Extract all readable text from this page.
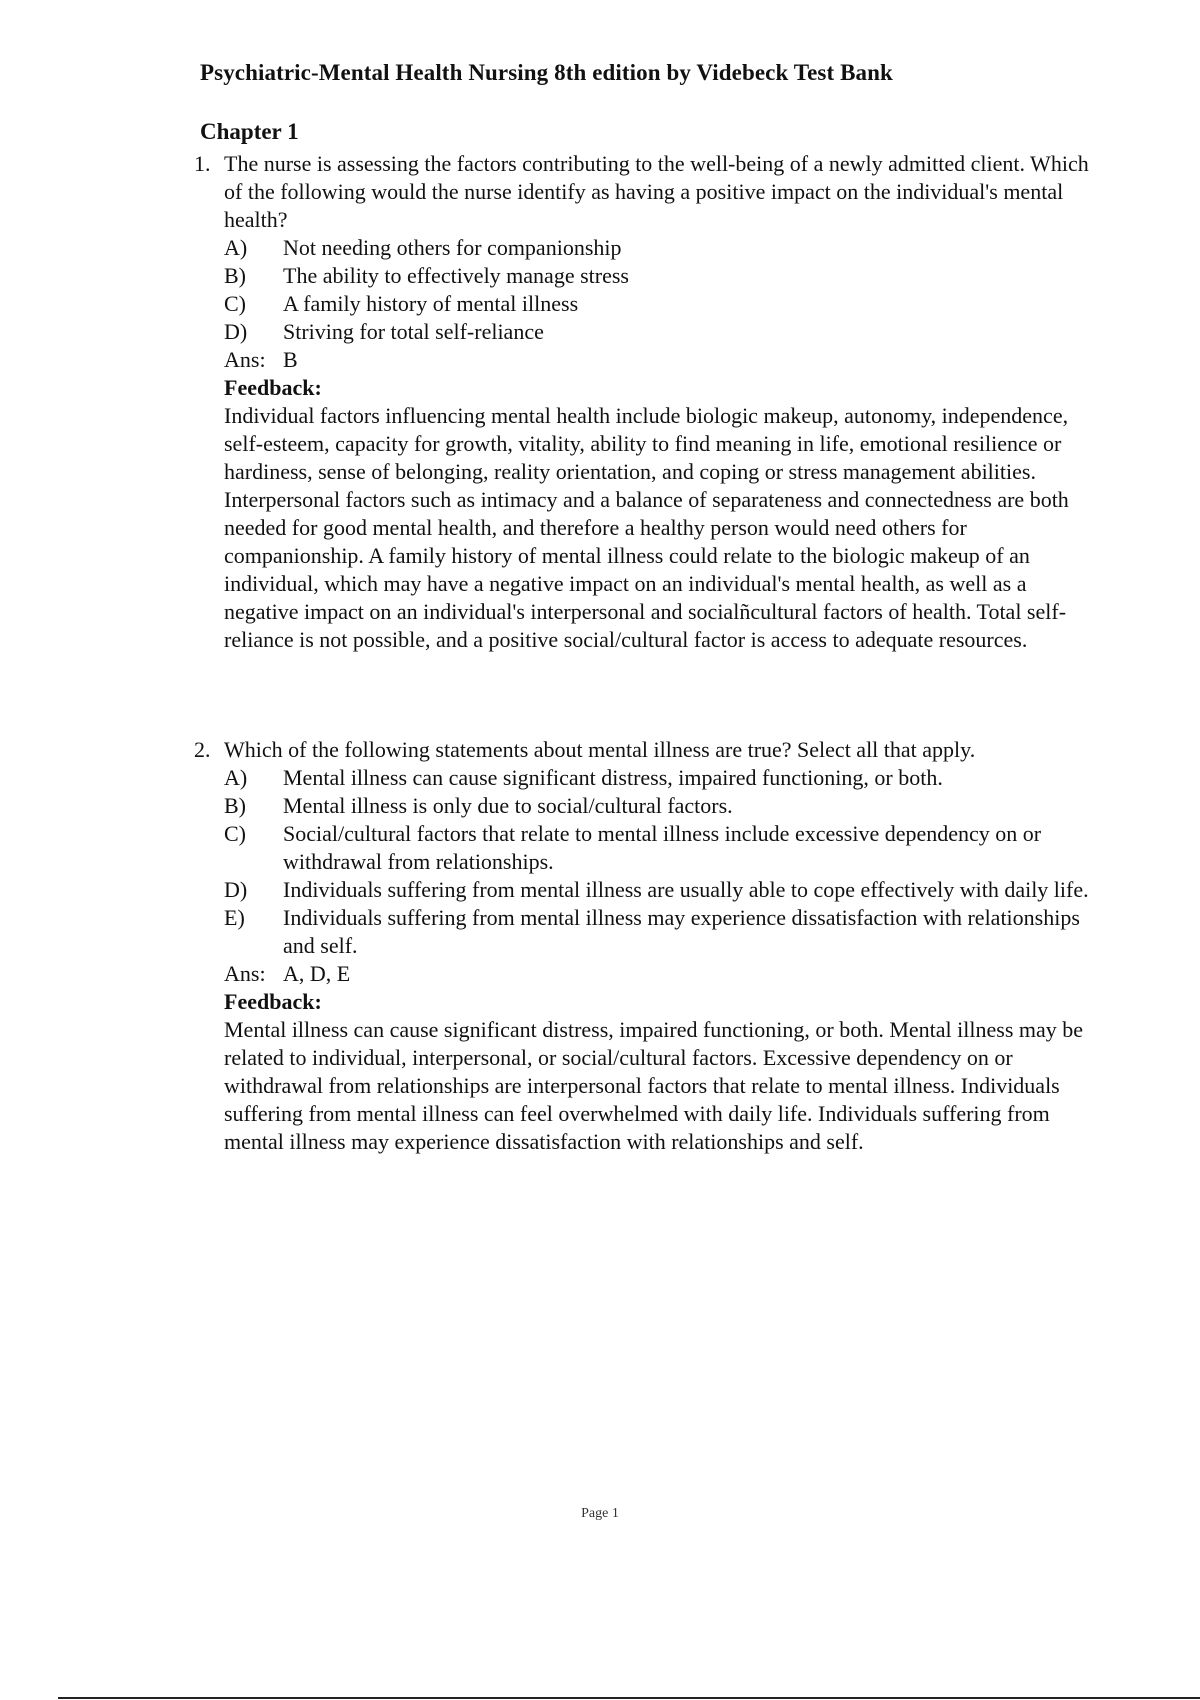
Psychiatric-Mental Health Nursing 8th edition by Videbeck Test Bank
Chapter 1
1. The nurse is assessing the factors contributing to the well-being of a newly admitted client. Which of the following would the nurse identify as having a positive impact on the individual's mental health?
A)	Not needing others for companionship
B)	The ability to effectively manage stress
C)	A family history of mental illness
D)	Striving for total self-reliance
Ans: B
Feedback:
Individual factors influencing mental health include biologic makeup, autonomy, independence, self-esteem, capacity for growth, vitality, ability to find meaning in life, emotional resilience or hardiness, sense of belonging, reality orientation, and coping or stress management abilities. Interpersonal factors such as intimacy and a balance of separateness and connectedness are both needed for good mental health, and therefore a healthy person would need others for companionship. A family history of mental illness could relate to the biologic makeup of an individual, which may have a negative impact on an individual's mental health, as well as a negative impact on an individual's interpersonal and socialñcultural factors of health. Total self-reliance is not possible, and a positive social/cultural factor is access to adequate resources.
2. Which of the following statements about mental illness are true? Select all that apply.
A)	Mental illness can cause significant distress, impaired functioning, or both.
B)	Mental illness is only due to social/cultural factors.
C)	Social/cultural factors that relate to mental illness include excessive dependency on or withdrawal from relationships.
D)	Individuals suffering from mental illness are usually able to cope effectively with daily life.
E)	Individuals suffering from mental illness may experience dissatisfaction with relationships and self.
Ans: A, D, E
Feedback:
Mental illness can cause significant distress, impaired functioning, or both. Mental illness may be related to individual, interpersonal, or social/cultural factors. Excessive dependency on or withdrawal from relationships are interpersonal factors that relate to mental illness. Individuals suffering from mental illness can feel overwhelmed with daily life. Individuals suffering from mental illness may experience dissatisfaction with relationships and self.
Page 1
